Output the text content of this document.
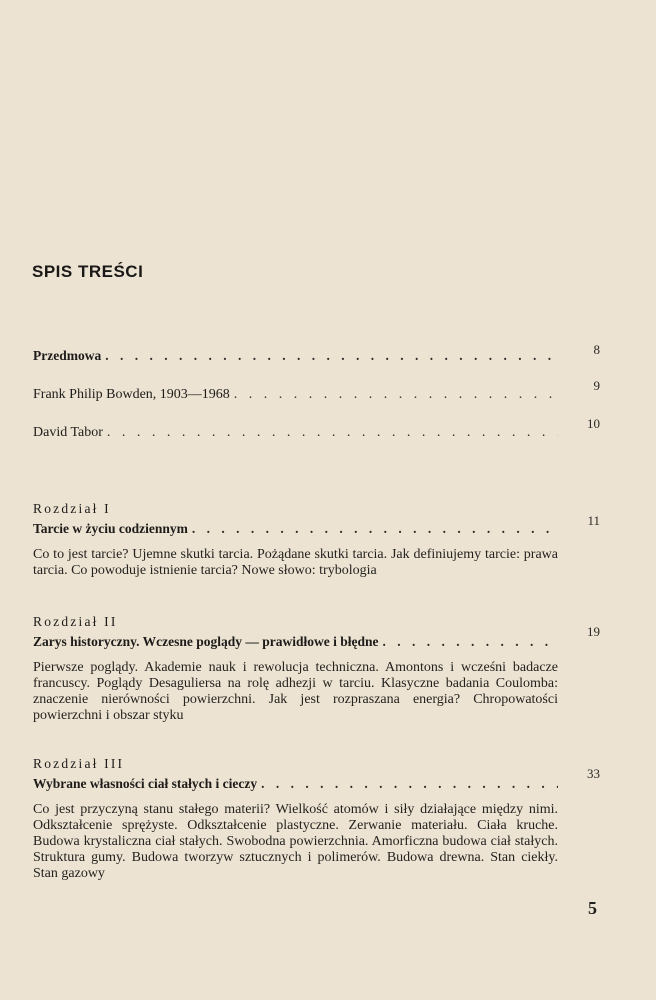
SPIS TREŚCI
Przedmowa
. . .	8
Frank Philip Bowden, 1903—1968
. . .
9
David Tabor
. . .
10
Rozdział I
Tarcie w życiu codziennym
. . .
Co to jest tarcie? Ujemne skutki tarcia. Pożądane skutki tarcia. Jak definiujemy tarcie: prawa tarcia. Co powoduje istnienie tarcia? Nowe słowo: trybologia
11
Rozdział II
Zarys historyczny. Wczesne poglądy — prawidłowe i błędne
. . .
Pierwsze poglądy. Akademie nauk i rewolucja techniczna. Amontons i wcześni badacze francuscy. Poglądy Desaguliersa na rolę adhezji w tarciu. Klasyczne badania Coulomba: znaczenie nierówności powierzchni. Jak jest rozpraszana energia? Chropowatości powierzchni i obszar styku
19
Rozdział III
Wybrane własności ciał stałych i cieczy
. . .
Co jest przyczyną stanu stałego materii? Wielkość atomów i siły działające między nimi. Odkształcenie sprężyste. Odkształcenie plastyczne. Zerwanie materiału. Ciała kruche. Budowa krystaliczna ciał stałych. Swobodna powierzchnia. Amorficzna budowa ciał stałych. Struktura gumy. Budowa tworzyw sztucznych i polimerów. Budowa drewna. Stan ciekły. Stan gazowy
33
5
